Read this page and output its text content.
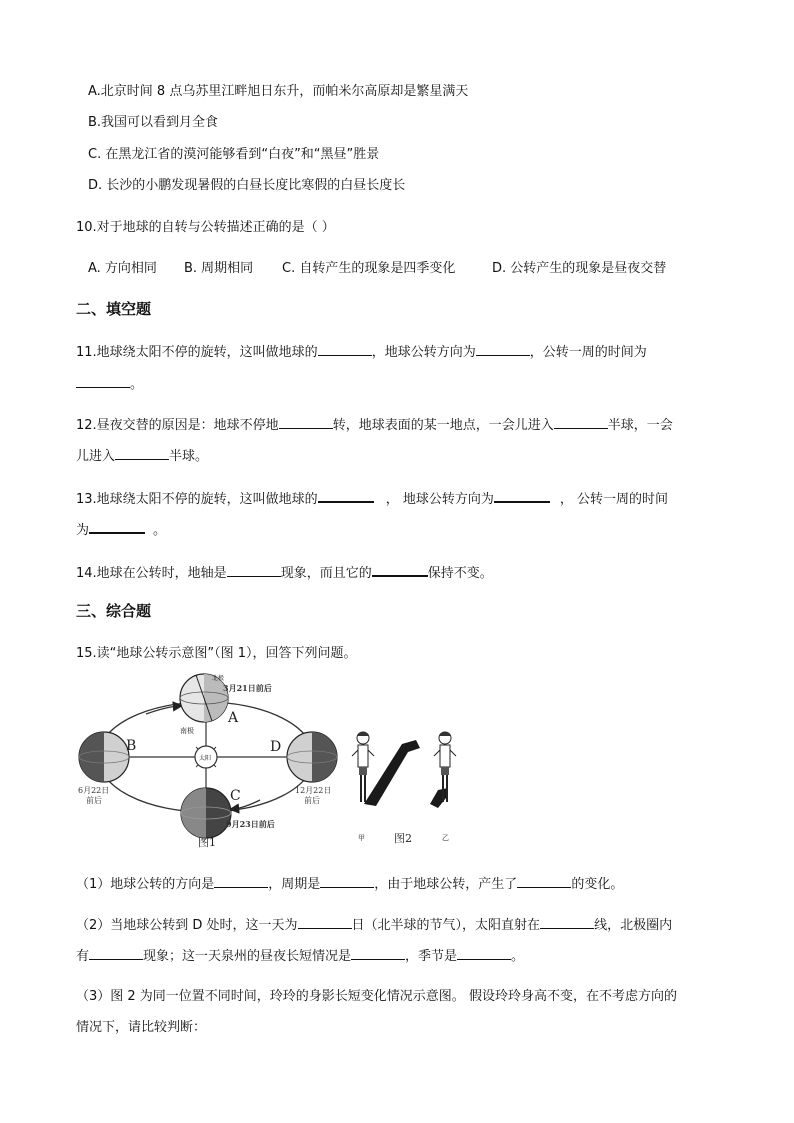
A.北京时间 8 点乌苏里江畔旭日东升，而帕米尔高原却是繁星满天
B.我国可以看到月全食
C. 在黑龙江省的漠河能够看到“白夜”和“黑昼”胜景
D. 长沙的小鹏发现暑假的白昼长度比寒假的白昼长度长
10.对于地球的自转与公转描述正确的是（ ）
A. 方向相同 B. 周期相同 C. 自转产生的现象是四季变化	D. 公转产生的现象是昼夜交替
二、填空题
11.地球绕太阳不停的旋转，这叫做地球的	，地球公转方向为	，公转一周的时间为
。
12.昼夜交替的原因是：地球不停地	转，地球表面的某一地点，一会儿进入	半球，一会
儿进入	半球。
13.地球绕太阳不停的旋转，这叫做地球的	， 地球公转方向为	， 公转一周的时间
为	。
14.地球在公转时，地轴是	现象，而且它的	保持不变。
三、综合题
15.读“地球公转示意图”（图 1），回答下列问题。
太阳
北极
3月21日前后
A
南极
B
6月22日
前后	C
9月23日前后
D
12月22日
前后
图1	甲	乙
图2
（1）地球公转的方向是	，周期是	，由于地球公转，产生了	的变化。
（2）当地球公转到 D 处时，这一天为	日（北半球的节气），太阳直射在	线，北极圈内
有	现象；这一天泉州的昼夜长短情况是	，季节是	。
（3）图 2 为同一位置不同时间，玲玲的身影长短变化情况示意图。 假设玲玲身高不变，在不考虑方向的
情况下，请比较判断：
